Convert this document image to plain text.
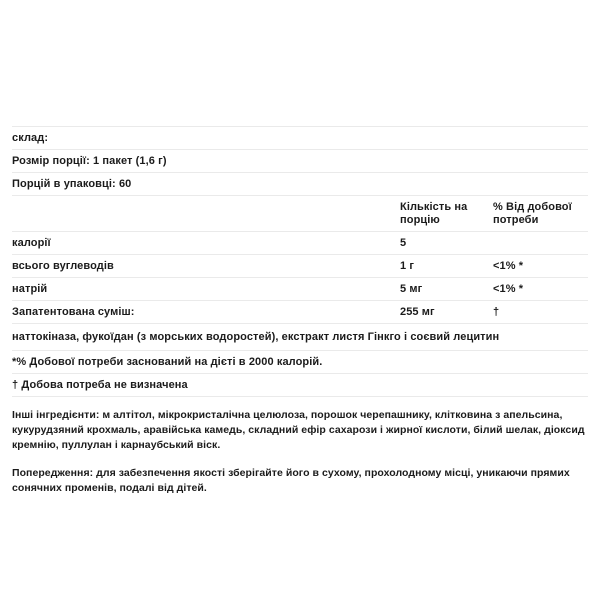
склад:
Розмір порції: 1 пакет (1,6 г)
Порцій в упаковці: 60
	Кількість на порцію	% Від добової потреби
калорії	5	
всього вуглеводів	1 г	<1% *
натрій	5 мг	<1% *
Запатентована суміш:	255 мг	†
наттокіназа, фукоїдан (з морських водоростей), екстракт листя Гінкго і соєвий лецитин		
*% Добової потреби заснований на дієті в 2000 калорій.
† Добова потреба не визначена

Інші інгредієнти: м алтітол, мікрокристалічна целюлоза, порошок черепашнику, клітковина з апельсина, кукурудзяний крохмаль, аравійська камедь, складний ефір сахарози і жирної кислоти, білий шелак, діоксид кремнію, пуллулан і карнаубський віск.

Попередження: для забезпечення якості зберігайте його в сухому, прохолодному місці, уникаючи прямих сонячних променів, подалі від дітей.
